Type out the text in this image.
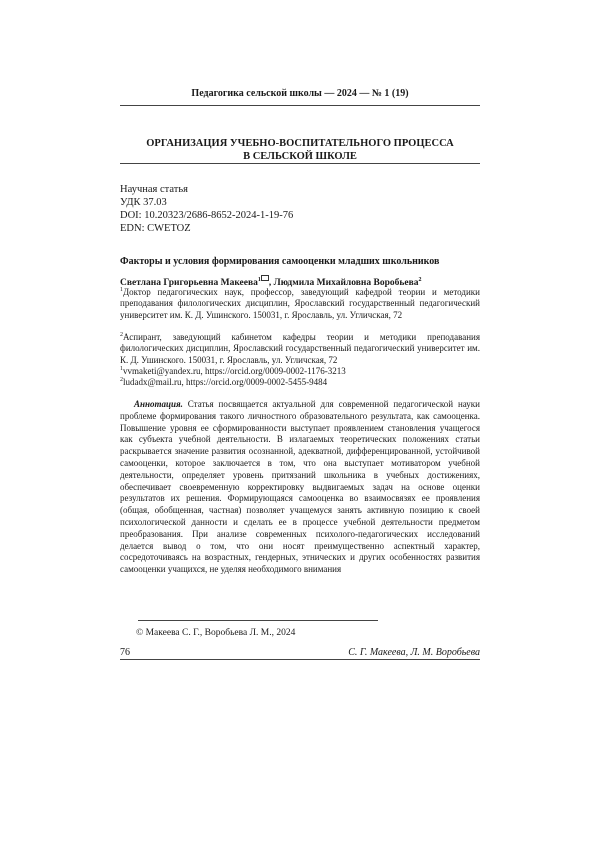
Педагогика сельской школы — 2024 — № 1 (19)
ОРГАНИЗАЦИЯ УЧЕБНО-ВОСПИТАТЕЛЬНОГО ПРОЦЕССА
В СЕЛЬСКОЙ ШКОЛЕ
Научная статья
УДК 37.03
DOI: 10.20323/2686-8652-2024-1-19-76
EDN: CWETOZ
Факторы и условия формирования самооценки младших школьников
Светлана Григорьевна Макеева$^1$ , Людмила Михайловна Воробьева$^2$
$^1$Доктор педагогических наук, профессор, заведующий кафедрой теории и методики преподавания филологических дисциплин, Ярославский государственный педагогический университет им. К. Д. Ушинского. 150031, г. Ярославль, ул. Угличская, 72
$^2$Аспирант, заведующий кабинетом кафедры теории и методики преподавания филологических дисциплин, Ярославский государственный педагогический университет им. К. Д. Ушинского. 150031, г. Ярославль, ул. Угличская, 72
$^1$vvmaketi@yandex.ru, https://orcid.org/0009-0002-1176-3213
$^2$ludadx@mail.ru, https://orcid.org/0009-0002-5455-9484
Аннотация. Статья посвящается актуальной для современной педагогической науки проблеме формирования такого личностного образовательного результата, как самооценка. Повышение уровня ее сформированности выступает проявлением становления учащегося как субъекта учебной деятельности. В излагаемых теоретических положениях статьи раскрывается значение развития осознанной, адекватной, дифференцированной, устойчивой самооценки, которое заключается в том, что она выступает мотиватором учебной деятельности, определяет уровень притязаний школьника в учебных достижениях, обеспечивает своевременную корректировку выдвигаемых задач на основе оценки результатов их решения. Формирующаяся самооценка во взаимосвязях ее проявления (общая, обобщенная, частная) позволяет учащемуся занять активную позицию к своей психологической данности и сделать ее в процессе учебной деятельности предметом преобразования. При анализе современных психолого-педагогических исследований делается вывод о том, что они носят преимущественно аспектный характер, сосредоточиваясь на возрастных, гендерных, этнических и других особенностях развития самооценки учащихся, не уделяя необходимого внимания
© Макеева С. Г., Воробьева Л. М., 2024
76	С. Г. Макеева, Л. М. Воробьева
